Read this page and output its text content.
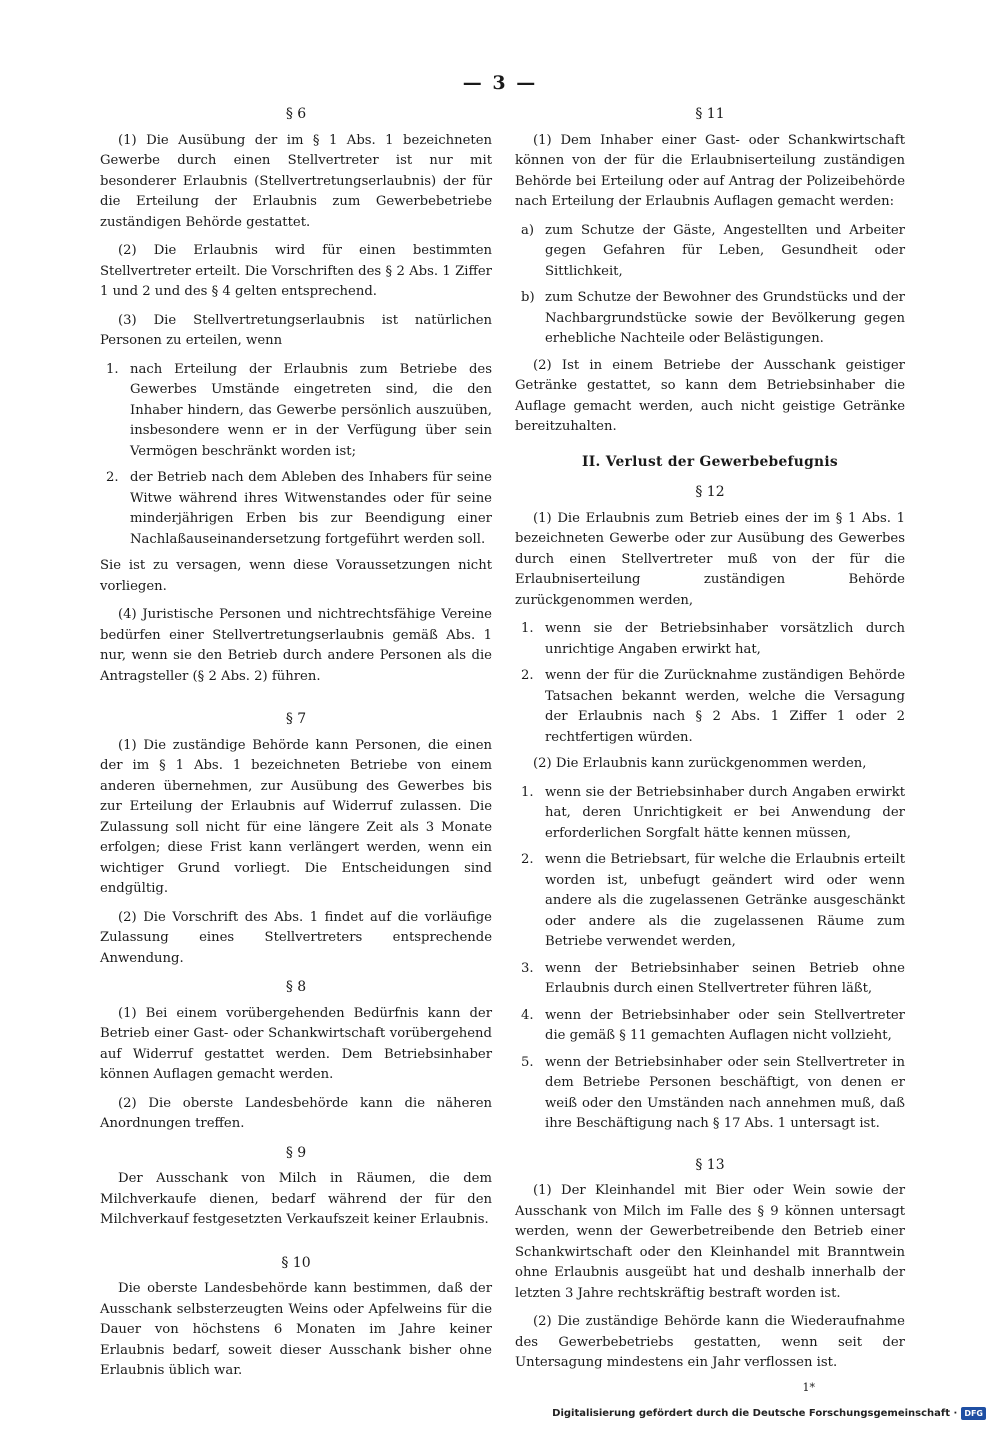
— 3 —
§ 6

(1) Die Ausübung der im § 1 Abs. 1 bezeichneten Gewerbe durch einen Stellvertreter ist nur mit besonderer Erlaubnis (Stellvertretungserlaubnis) der für die Erteilung der Erlaubnis zum Gewerbebetriebe zuständigen Behörde gestattet.

(2) Die Erlaubnis wird für einen bestimmten Stellvertreter erteilt. Die Vorschriften des § 2 Abs. 1 Ziffer 1 und 2 und des § 4 gelten entsprechend.

(3) Die Stellvertretungserlaubnis ist natürlichen Personen zu erteilen, wenn

1. nach Erteilung der Erlaubnis zum Betriebe des Gewerbes Umstände eingetreten sind, die den Inhaber hindern, das Gewerbe persönlich auszuüben, insbesondere wenn er in der Verfügung über sein Vermögen beschränkt worden ist;
2. der Betrieb nach dem Ableben des Inhabers für seine Witwe während ihres Witwenstandes oder für seine minderjährigen Erben bis zur Beendigung einer Nachlaßauseinandersetzung fortgeführt werden soll.

Sie ist zu versagen, wenn diese Voraussetzungen nicht vorliegen.

(4) Juristische Personen und nichtrechtsfähige Vereine bedürfen einer Stellvertretungserlaubnis gemäß Abs. 1 nur, wenn sie den Betrieb durch andere Personen als die Antragsteller (§ 2 Abs. 2) führen.

§ 7

(1) Die zuständige Behörde kann Personen, die einen der im § 1 Abs. 1 bezeichneten Betriebe von einem anderen übernehmen, zur Ausübung des Gewerbes bis zur Erteilung der Erlaubnis auf Widerruf zulassen. Die Zulassung soll nicht für eine längere Zeit als 3 Monate erfolgen; diese Frist kann verlängert werden, wenn ein wichtiger Grund vorliegt. Die Entscheidungen sind endgültig.

(2) Die Vorschrift des Abs. 1 findet auf die vorläufige Zulassung eines Stellvertreters entsprechende Anwendung.

§ 8

(1) Bei einem vorübergehenden Bedürfnis kann der Betrieb einer Gast- oder Schankwirtschaft vorübergehend auf Widerruf gestattet werden. Dem Betriebsinhaber können Auflagen gemacht werden.

(2) Die oberste Landesbehörde kann die näheren Anordnungen treffen.

§ 9

Der Ausschank von Milch in Räumen, die dem Milchverkaufe dienen, bedarf während der für den Milchverkauf festgesetzten Verkaufszeit keiner Erlaubnis.

§ 10

Die oberste Landesbehörde kann bestimmen, daß der Ausschank selbsterzeugten Weins oder Apfelweins für die Dauer von höchstens 6 Monaten im Jahre keiner Erlaubnis bedarf, soweit dieser Ausschank bisher ohne Erlaubnis üblich war.

§ 11

(1) Dem Inhaber einer Gast- oder Schankwirtschaft können von der für die Erlaubniserteilung zuständigen Behörde bei Erteilung oder auf Antrag der Polizeibehörde nach Erteilung der Erlaubnis Auflagen gemacht werden:

a) zum Schutze der Gäste, Angestellten und Arbeiter gegen Gefahren für Leben, Gesundheit oder Sittlichkeit,
b) zum Schutze der Bewohner des Grundstücks und der Nachbargrundstücke sowie der Bevölkerung gegen erhebliche Nachteile oder Belästigungen.

(2) Ist in einem Betriebe der Ausschank geistiger Getränke gestattet, so kann dem Betriebsinhaber die Auflage gemacht werden, auch nicht geistige Getränke bereitzuhalten.

II. Verlust der Gewerbebefugnis
§ 12

(1) Die Erlaubnis zum Betrieb eines der im § 1 Abs. 1 bezeichneten Gewerbe oder zur Ausübung des Gewerbes durch einen Stellvertreter muß von der für die Erlaubniserteilung zuständigen Behörde zurückgenommen werden,

1. wenn sie der Betriebsinhaber vorsätzlich durch unrichtige Angaben erwirkt hat,
2. wenn der für die Zurücknahme zuständigen Behörde Tatsachen bekannt werden, welche die Versagung der Erlaubnis nach § 2 Abs. 1 Ziffer 1 oder 2 rechtfertigen würden.

(2) Die Erlaubnis kann zurückgenommen werden,

1. wenn sie der Betriebsinhaber durch Angaben erwirkt hat, deren Unrichtigkeit er bei Anwendung der erforderlichen Sorgfalt hätte kennen müssen,
2. wenn die Betriebsart, für welche die Erlaubnis erteilt worden ist, unbefugt geändert wird oder wenn andere als die zugelassenen Getränke ausgeschänkt oder andere als die zugelassenen Räume zum Betriebe verwendet werden,
3. wenn der Betriebsinhaber seinen Betrieb ohne Erlaubnis durch einen Stellvertreter führen läßt,
4. wenn der Betriebsinhaber oder sein Stellvertreter die gemäß § 11 gemachten Auflagen nicht vollzieht,
5. wenn der Betriebsinhaber oder sein Stellvertreter in dem Betriebe Personen beschäftigt, von denen er weiß oder den Umständen nach annehmen muß, daß ihre Beschäftigung nach § 17 Abs. 1 untersagt ist.
§ 13

(1) Der Kleinhandel mit Bier oder Wein sowie der Ausschank von Milch im Falle des § 9 können untersagt werden, wenn der Gewerbetreibende den Betrieb einer Schankwirtschaft oder den Kleinhandel mit Branntwein ohne Erlaubnis ausgeübt hat und deshalb innerhalb der letzten 3 Jahre rechtskräftig bestraft worden ist.

(2) Die zuständige Behörde kann die Wiederaufnahme des Gewerbebetriebs gestatten, wenn seit der Untersagung mindestens ein Jahr verflossen ist.

1*
Digitalisierung gefördert durch die Deutsche Forschungsgemeinschaft · DFG
